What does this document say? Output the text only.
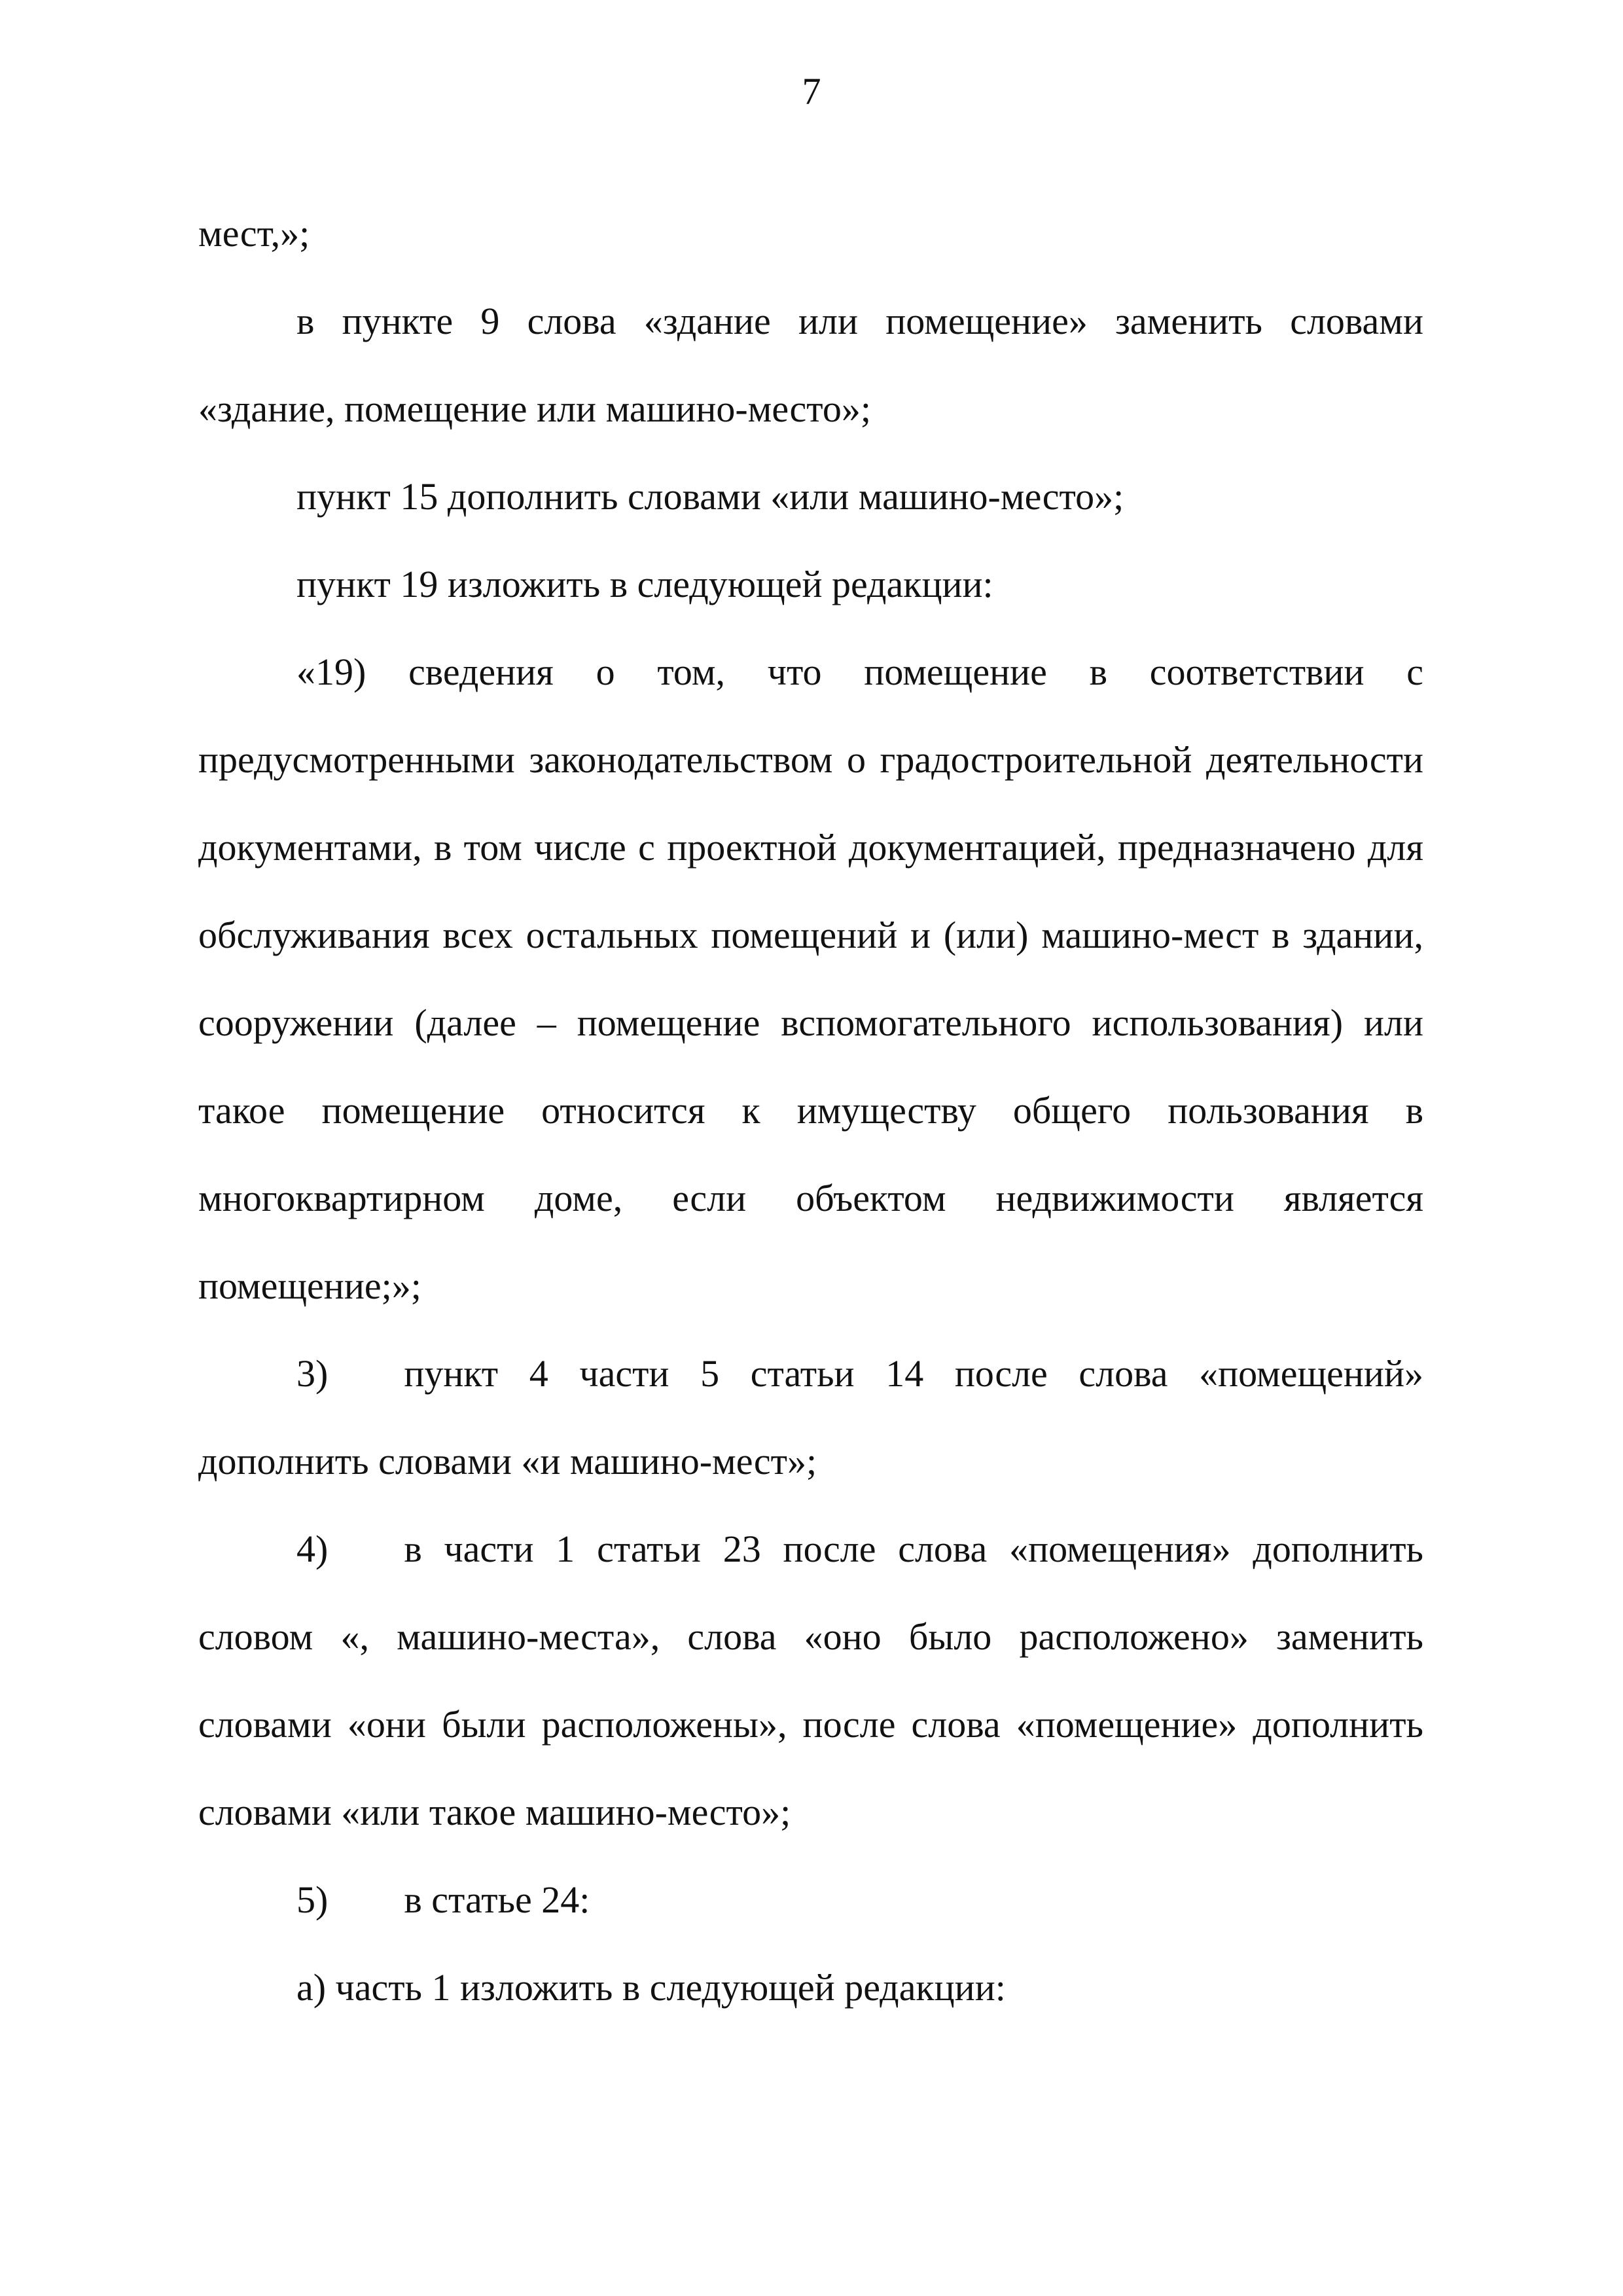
7

мест,»;

в пункте 9 слова «здание или помещение» заменить словами «здание, помещение или машино-место»;

пункт 15 дополнить словами «или машино-место»;

пункт 19 изложить в следующей редакции:

«19) сведения о том, что помещение в соответствии с предусмотренными законодательством о градостроительной деятельности документами, в том числе с проектной документацией, предназначено для обслуживания всех остальных помещений и (или) машино-мест в здании, сооружении (далее – помещение вспомогательного использования) или такое помещение относится к имуществу общего пользования в многоквартирном доме, если объектом недвижимости является помещение;»;

3)  пункт 4 части 5 статьи 14 после слова «помещений» дополнить словами «и машино-мест»;

4)  в части 1 статьи 23 после слова «помещения» дополнить словом «, машино-места», слова «оно было расположено» заменить словами «они были расположены», после слова «помещение» дополнить словами «или такое машино-место»;

5)  в статье 24:

а) часть 1 изложить в следующей редакции:
